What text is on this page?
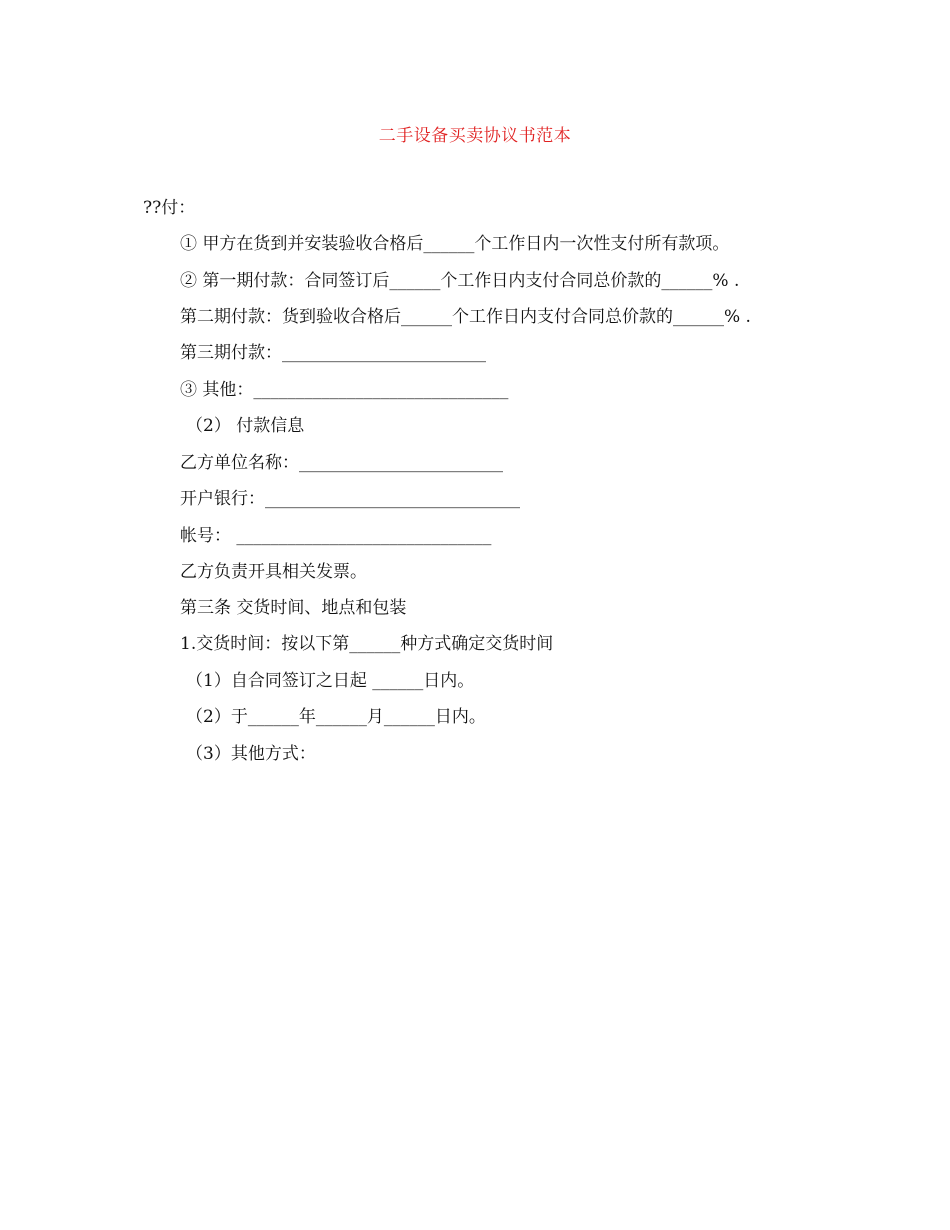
二手设备买卖协议书范本
??付：
① 甲方在货到并安装验收合格后______个工作日内一次性支付所有款项。
② 第一期付款：合同签订后______个工作日内支付合同总价款的______% .
第二期付款：货到验收合格后______个工作日内支付合同总价款的______% .
第三期付款：________________________
③ 其他：______________________________
（2） 付款信息
乙方单位名称：________________________
开户银行：______________________________
帐号： ______________________________
乙方负责开具相关发票。
第三条 交货时间、地点和包装
1.交货时间：按以下第______种方式确定交货时间
（1）自合同签订之日起 ______日内。
（2）于______年______月______日内。
（3）其他方式：
